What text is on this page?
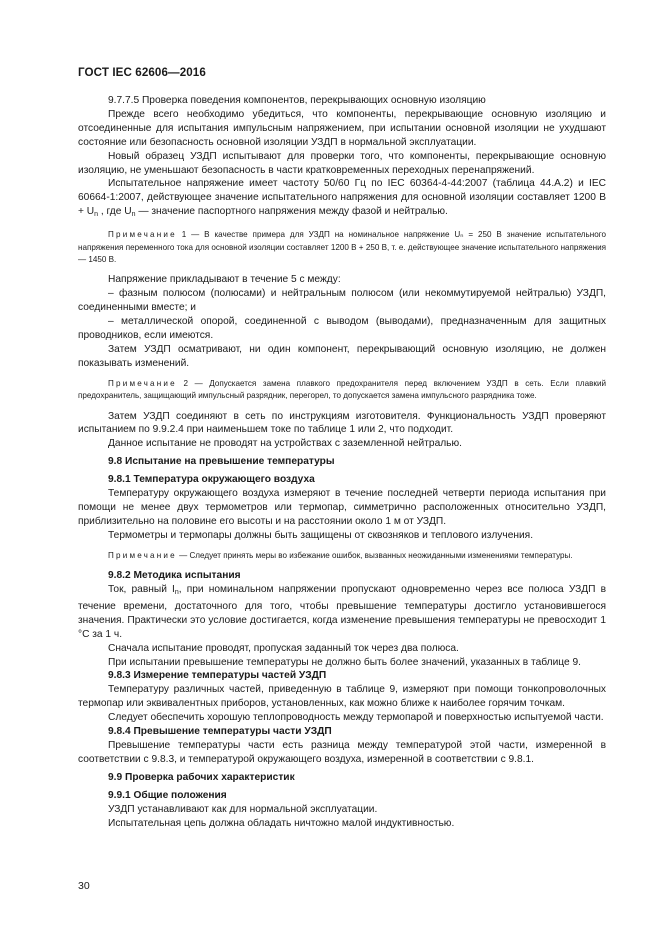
ГОСТ IEC 62606—2016

9.7.7.5 Проверка поведения компонентов, перекрывающих основную изоляцию

Прежде всего необходимо убедиться, что компоненты, перекрывающие основную изоляцию и отсоединенные для испытания импульсным напряжением, при испытании основной изоляции не ухудшают состояние или безопасность основной изоляции УЗДП в нормальной эксплуатации.

Новый образец УЗДП испытывают для проверки того, что компоненты, перекрывающие основную изоляцию, не уменьшают безопасность в части кратковременных переходных перенапряжений.

Испытательное напряжение имеет частоту 50/60 Гц по IEC 60364-4-44:2007 (таблица 44.А.2) и IEC 60664-1:2007, действующее значение испытательного напряжения для основной изоляции составляет 1200 $В + U_n$ , где $U_n$ — значение паспортного напряжения между фазой и нейтралью.

Примечание 1 — В качестве примера для УЗДП на номинальное напряжение Uₙ = 250 В значение испытательного напряжения переменного тока для основной изоляции составляет 1200 В + 250 В, т. е. действующее значение испытательного напряжения — 1450 В.

Напряжение прикладывают в течение 5 с между:

– фазным полюсом (полюсами) и нейтральным полюсом (или некоммутируемой нейтралью) УЗДП, соединенными вместе; и

– металлической опорой, соединенной с выводом (выводами), предназначенным для защитных проводников, если имеются.

Затем УЗДП осматривают, ни один компонент, перекрывающий основную изоляцию, не должен показывать изменений.

Примечание 2 — Допускается замена плавкого предохранителя перед включением УЗДП в сеть. Если плавкий предохранитель, защищающий импульсный разрядник, перегорел, то допускается замена импульсного разрядника тоже.

Затем УЗДП соединяют в сеть по инструкциям изготовителя. Функциональность УЗДП проверяют испытанием по 9.9.2.4 при наименьшем токе по таблице 1 или 2, что подходит.

Данное испытание не проводят на устройствах с заземленной нейтралью.

9.8 Испытание на превышение температуры

9.8.1 Температура окружающего воздуха

Температуру окружающего воздуха измеряют в течение последней четверти периода испытания при помощи не менее двух термометров или термопар, симметрично расположенных относительно УЗДП, приблизительно на половине его высоты и на расстоянии около 1 м от УЗДП.

Термометры и термопары должны быть защищены от сквозняков и теплового излучения.

Примечание — Следует принять меры во избежание ошибок, вызванных неожиданными изменениями температуры.

9.8.2 Методика испытания

Ток, равный $I_n$, при номинальном напряжении пропускают одновременно через все полюса УЗДП в течение времени, достаточного для того, чтобы превышение температуры достигло установившегося значения. Практически это условие достигается, когда изменение превышения температуры не превосходит 1 °С за 1 ч.

Сначала испытание проводят, пропуская заданный ток через два полюса.

При испытании превышение температуры не должно быть более значений, указанных в таблице 9.

9.8.3 Измерение температуры частей УЗДП

Температуру различных частей, приведенную в таблице 9, измеряют при помощи тонкопроволочных термопар или эквивалентных приборов, установленных, как можно ближе к наиболее горячим точкам.

Следует обеспечить хорошую теплопроводность между термопарой и поверхностью испытуемой части.

9.8.4 Превышение температуры части УЗДП

Превышение температуры части есть разница между температурой этой части, измеренной в соответствии с 9.8.3, и температурой окружающего воздуха, измеренной в соответствии с 9.8.1.

9.9 Проверка рабочих характеристик

9.9.1 Общие положения

УЗДП устанавливают как для нормальной эксплуатации.

Испытательная цепь должна обладать ничтожно малой индуктивностью.

30
